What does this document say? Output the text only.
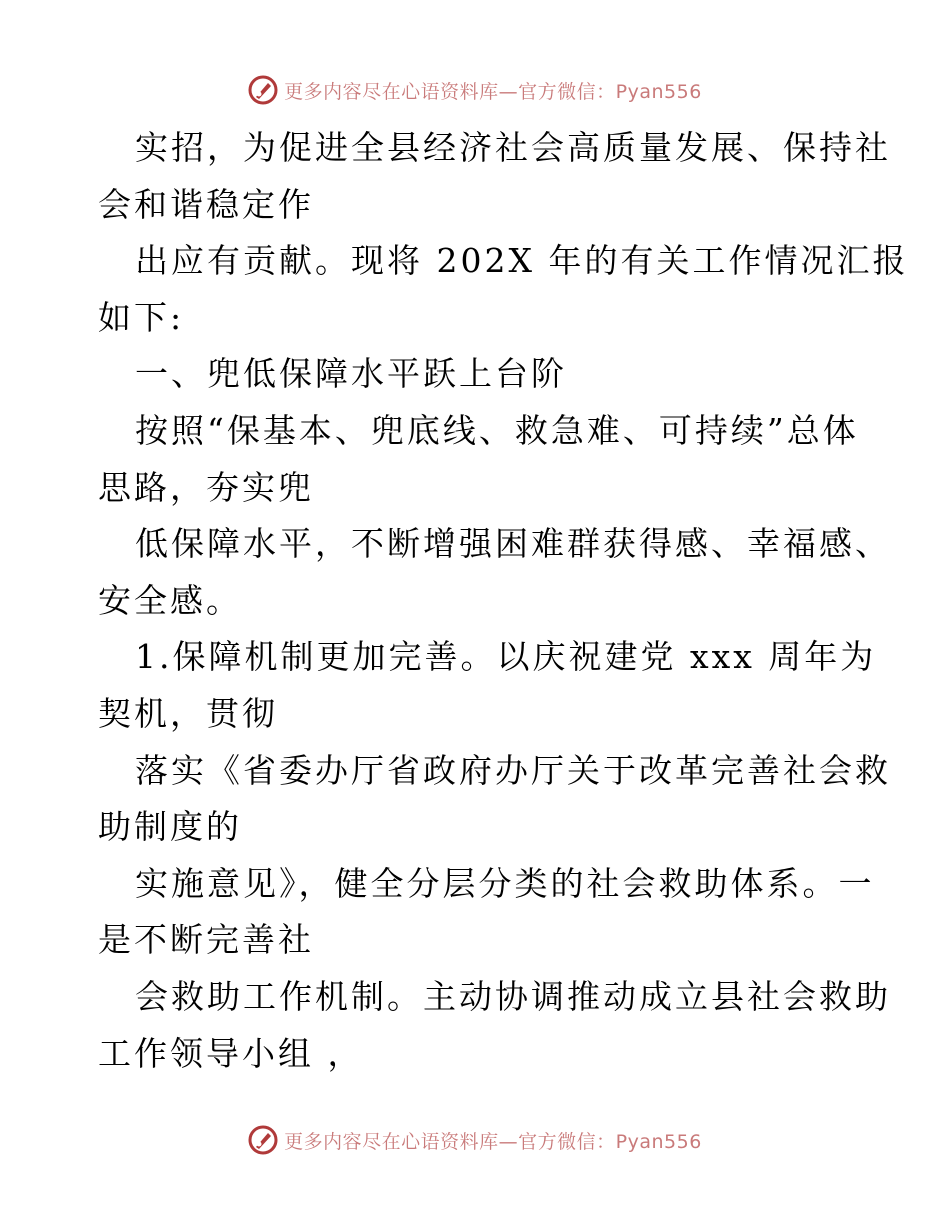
更多内容尽在心语资料库—官方微信：Pyan556
实招，为促进全县经济社会高质量发展、保持社
会和谐稳定作
出应有贡献。现将 202X 年的有关工作情况汇报
如下:
一、兜低保障水平跃上台阶
按照“保基本、兜底线、救急难、可持续”总体
思路，夯实兜
低保障水平，不断增强困难群获得感、幸福感、
安全感。
1.保障机制更加完善。以庆祝建党 xxx 周年为
契机，贯彻
落实《省委办厅省政府办厅关于改革完善社会救
助制度的
实施意见》，健全分层分类的社会救助体系。一
是不断完善社
会救助工作机制。主动协调推动成立县社会救助
工作领导小组 ，
更多内容尽在心语资料库—官方微信：Pyan556
